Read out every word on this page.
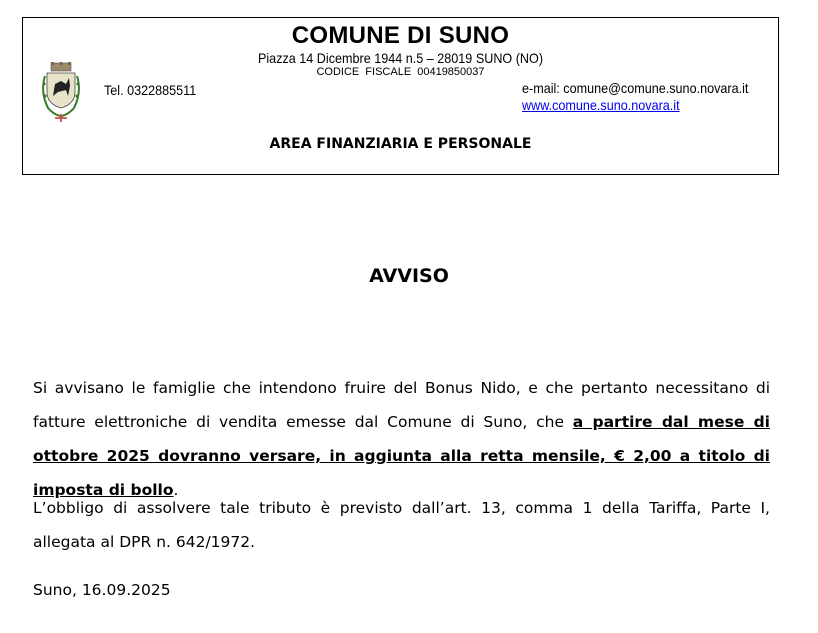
COMUNE DI SUNO
Piazza 14 Dicembre 1944 n.5 – 28019 SUNO (NO)
CODICE FISCALE 00419850037
Tel. 0322885511	e-mail: comune@comune.suno.novara.it
www.comune.suno.novara.it
AREA FINANZIARIA E PERSONALE
AVVISO
Si avvisano le famiglie che intendono fruire del Bonus Nido, e che pertanto necessitano di fatture elettroniche di vendita emesse dal Comune di Suno, che a partire dal mese di ottobre 2025 dovranno versare, in aggiunta alla retta mensile, € 2,00 a titolo di imposta di bollo.
L’obbligo di assolvere tale tributo è previsto dall’art. 13, comma 1 della Tariffa, Parte I, allegata al DPR n. 642/1972.
Suno, 16.09.2025
